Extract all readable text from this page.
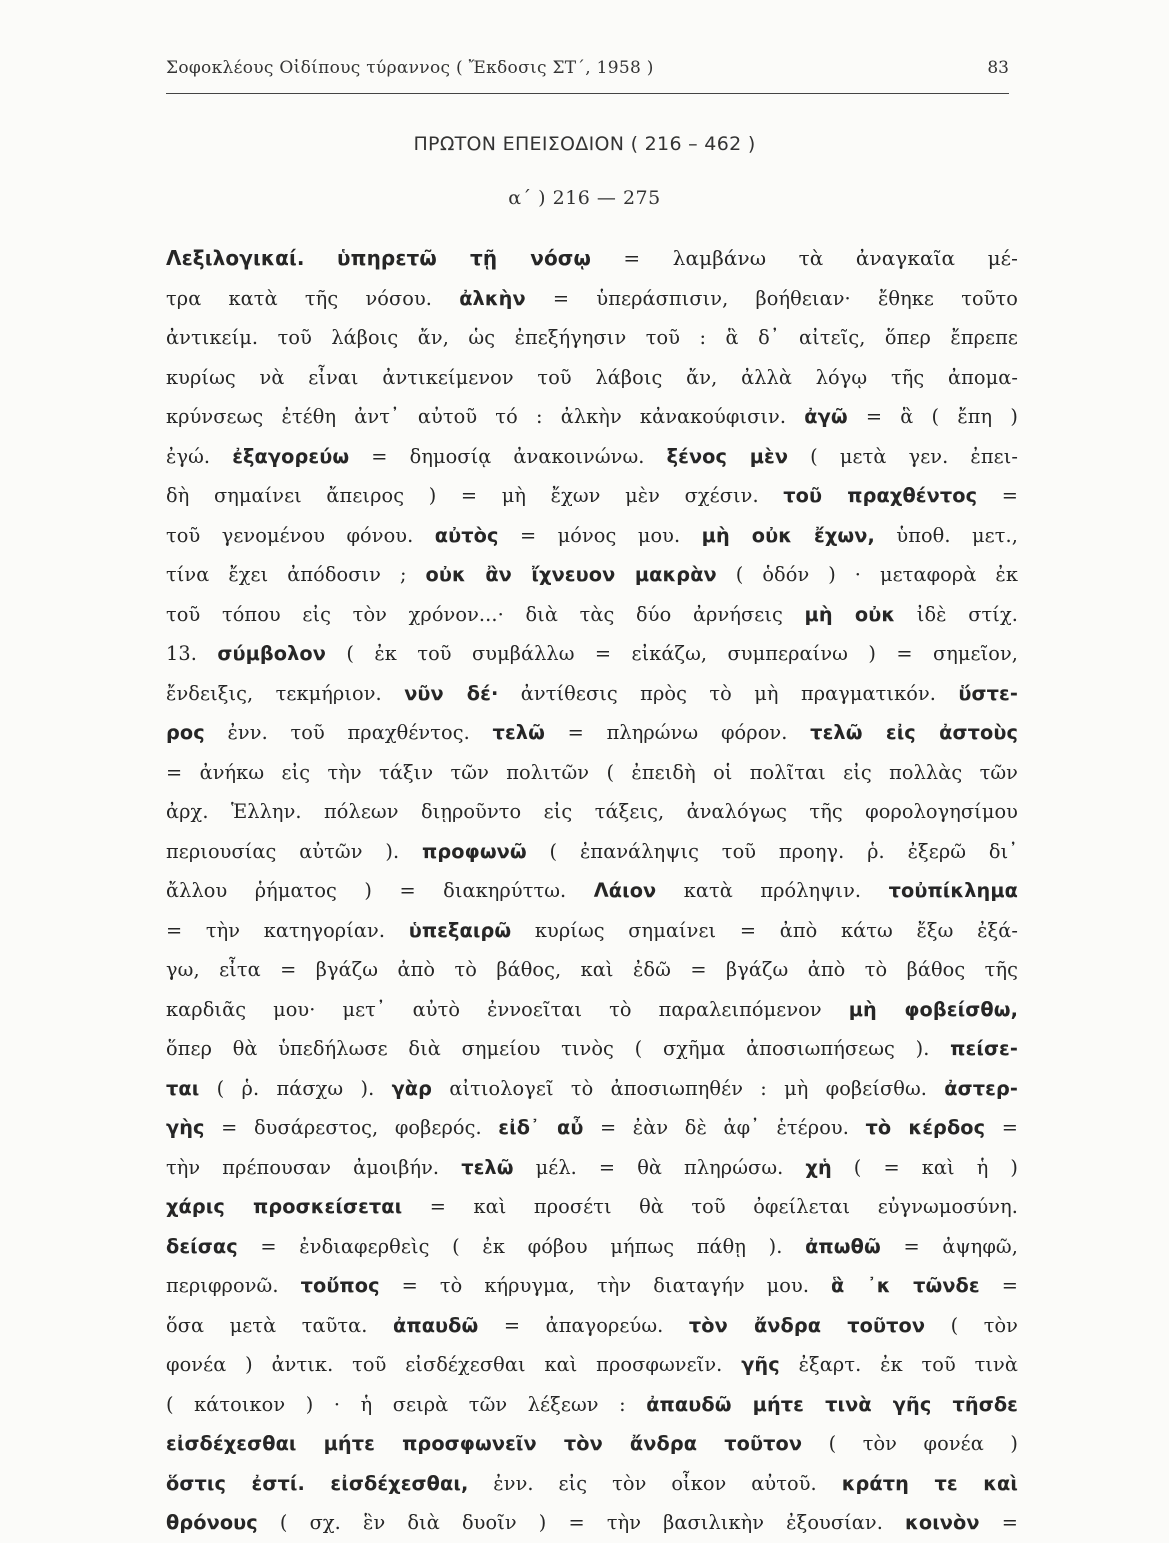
Σοφοκλέους Οἰδίπους τύραννος ( Ἔκδοσις ΣΤ΄, 1958 )	83
ΠΡΩΤΟΝ ΕΠΕΙΣΟΔΙΟΝ ( 216 – 462 )
α΄ ) 216 — 275
Λεξιλογικαί. ὑπηρετῶ τῇ νόσῳ = λαμβάνω τὰ ἀναγκαῖα μέ-
τρα κατὰ τῆς νόσου. ἀλκὴν = ὑπεράσπισιν, βοήθειαν· ἔθηκε τοῦτο
ἀντικείμ. τοῦ λάβοις ἄν, ὡς ἐπεξήγησιν τοῦ : ἃ δ᾿ αἰτεῖς, ὅπερ ἔπρεπε
κυρίως νὰ εἶναι ἀντικείμενον τοῦ λάβοις ἄν, ἀλλὰ λόγῳ τῆς ἀπομα-
κρύνσεως ἐτέθη ἀντ᾿ αὐτοῦ τό : ἀλκὴν κἀνακούφισιν. ἀγῶ = ἃ ( ἔπη )
ἐγώ. ἐξαγορεύω = δημοσίᾳ ἀνακοινώνω. ξένος μὲν ( μετὰ γεν. ἐπει-
δὴ σημαίνει ἄπειρος ) = μὴ ἔχων μὲν σχέσιν. τοῦ πραχθέντος =
τοῦ γενομένου φόνου. αὐτὸς = μόνος μου. μὴ οὐκ ἔχων, ὑποθ. μετ.,
τίνα ἔχει ἀπόδοσιν ; οὐκ ἂν ἴχνευον μακρὰν ( ὁδόν ) · μεταφορὰ ἐκ
τοῦ τόπου εἰς τὸν χρόνον...· διὰ τὰς δύο ἀρνήσεις μὴ οὐκ ἰδὲ στίχ.
13. σύμβολον ( ἐκ τοῦ συμβάλλω = εἰκάζω, συμπεραίνω ) = σημεῖον,
ἔνδειξις, τεκμήριον. νῦν δέ· ἀντίθεσις πρὸς τὸ μὴ πραγματικόν. ὕστε-
ρος ἐνν. τοῦ πραχθέντος. τελῶ = πληρώνω φόρον. τελῶ εἰς ἀστοὺς
= ἀνήκω εἰς τὴν τάξιν τῶν πολιτῶν ( ἐπειδὴ οἱ πολῖται εἰς πολλὰς τῶν
ἀρχ. Ἑλλην. πόλεων διῃροῦντο εἰς τάξεις, ἀναλόγως τῆς φορολογησίμου
περιουσίας αὐτῶν ). προφωνῶ ( ἐπανάληψις τοῦ προηγ. ῥ. ἐξερῶ δι᾿
ἄλλου ῥήματος ) = διακηρύττω. Λάιον κατὰ πρόληψιν. τοὐπίκλημα
= τὴν κατηγορίαν. ὑπεξαιρῶ κυρίως σημαίνει = ἀπὸ κάτω ἔξω ἐξά-
γω, εἶτα = βγάζω ἀπὸ τὸ βάθος, καὶ ἐδῶ = βγάζω ἀπὸ τὸ βάθος τῆς
καρδιᾶς μου· μετ᾿ αὐτὸ ἐννοεῖται τὸ παραλειπόμενον μὴ φοβείσθω,
ὅπερ θὰ ὑπεδήλωσε διὰ σημείου τινὸς ( σχῆμα ἀποσιωπήσεως ). πείσε-
ται ( ῥ. πάσχω ). γὰρ αἰτιολογεῖ τὸ ἀποσιωπηθέν : μὴ φοβείσθω. ἀστερ-
γὴς = δυσάρεστος, φοβερός. εἰδ᾿ αὖ = ἐὰν δὲ ἀφ᾿ ἑτέρου. τὸ κέρδος =
τὴν πρέπουσαν ἀμοιβήν. τελῶ μέλ. = θὰ πληρώσω. χἡ ( = καὶ ἡ )
χάρις προσκείσεται = καὶ προσέτι θὰ τοῦ ὀφείλεται εὐγνωμοσύνη.
δείσας = ἐνδιαφερθεὶς ( ἐκ φόβου μήπως πάθῃ ). ἀπωθῶ = ἀψηφῶ,
περιφρονῶ. τοὔπος = τὸ κήρυγμα, τὴν διαταγήν μου. ἃ ᾿κ τῶνδε =
ὅσα μετὰ ταῦτα. ἀπαυδῶ = ἀπαγορεύω. τὸν ἄνδρα τοῦτον ( τὸν
φονέα ) ἀντικ. τοῦ εἰσδέχεσθαι καὶ προσφωνεῖν. γῆς ἐξαρτ. ἐκ τοῦ τινὰ
( κάτοικον ) · ἡ σειρὰ τῶν λέξεων : ἀπαυδῶ μήτε τινὰ γῆς τῆσδε
εἰσδέχεσθαι μήτε προσφωνεῖν τὸν ἄνδρα τοῦτον ( τὸν φονέα )
ὅστις ἐστί. εἰσδέχεσθαι, ἐνν. εἰς τὸν οἶκον αὐτοῦ. κράτη τε καὶ
θρόνους ( σχ. ἓν διὰ δυοῖν ) = τὴν βασιλικὴν ἐξουσίαν. κοινὸν =
